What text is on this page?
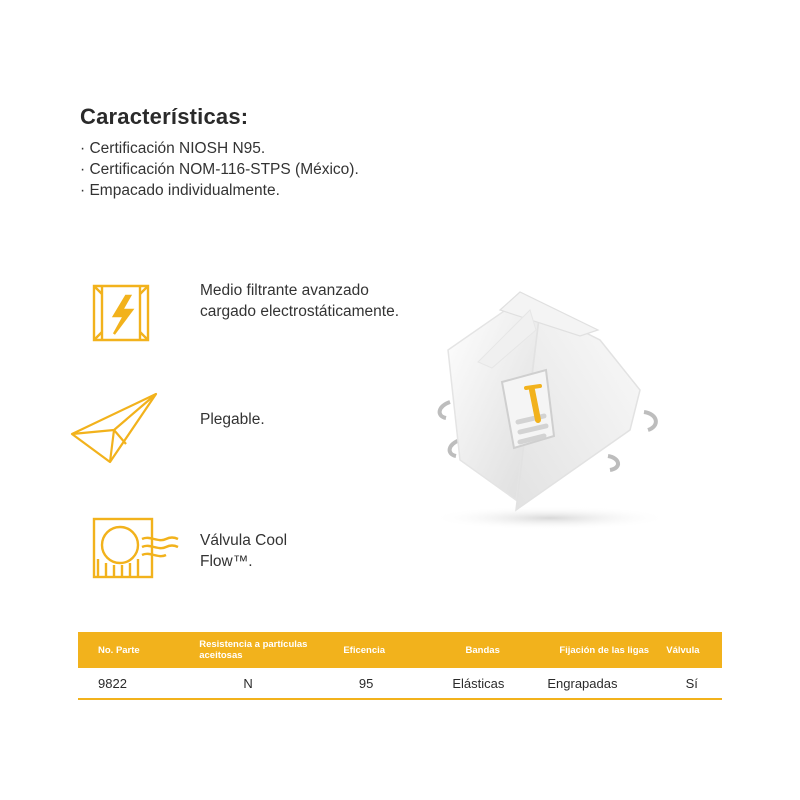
Características:
· Certificación NIOSH N95.
· Certificación NOM-116-STPS (México).
· Empacado individualmente.
Medio filtrante avanzado cargado electrostáticamente.
Plegable.
Válvula Cool Flow™.
No. Parte	Resistencia a partículas aceitosas	Eficencia	Bandas	Fijación de las ligas	Válvula
9822	N	95	Elásticas	Engrapadas	Sí
